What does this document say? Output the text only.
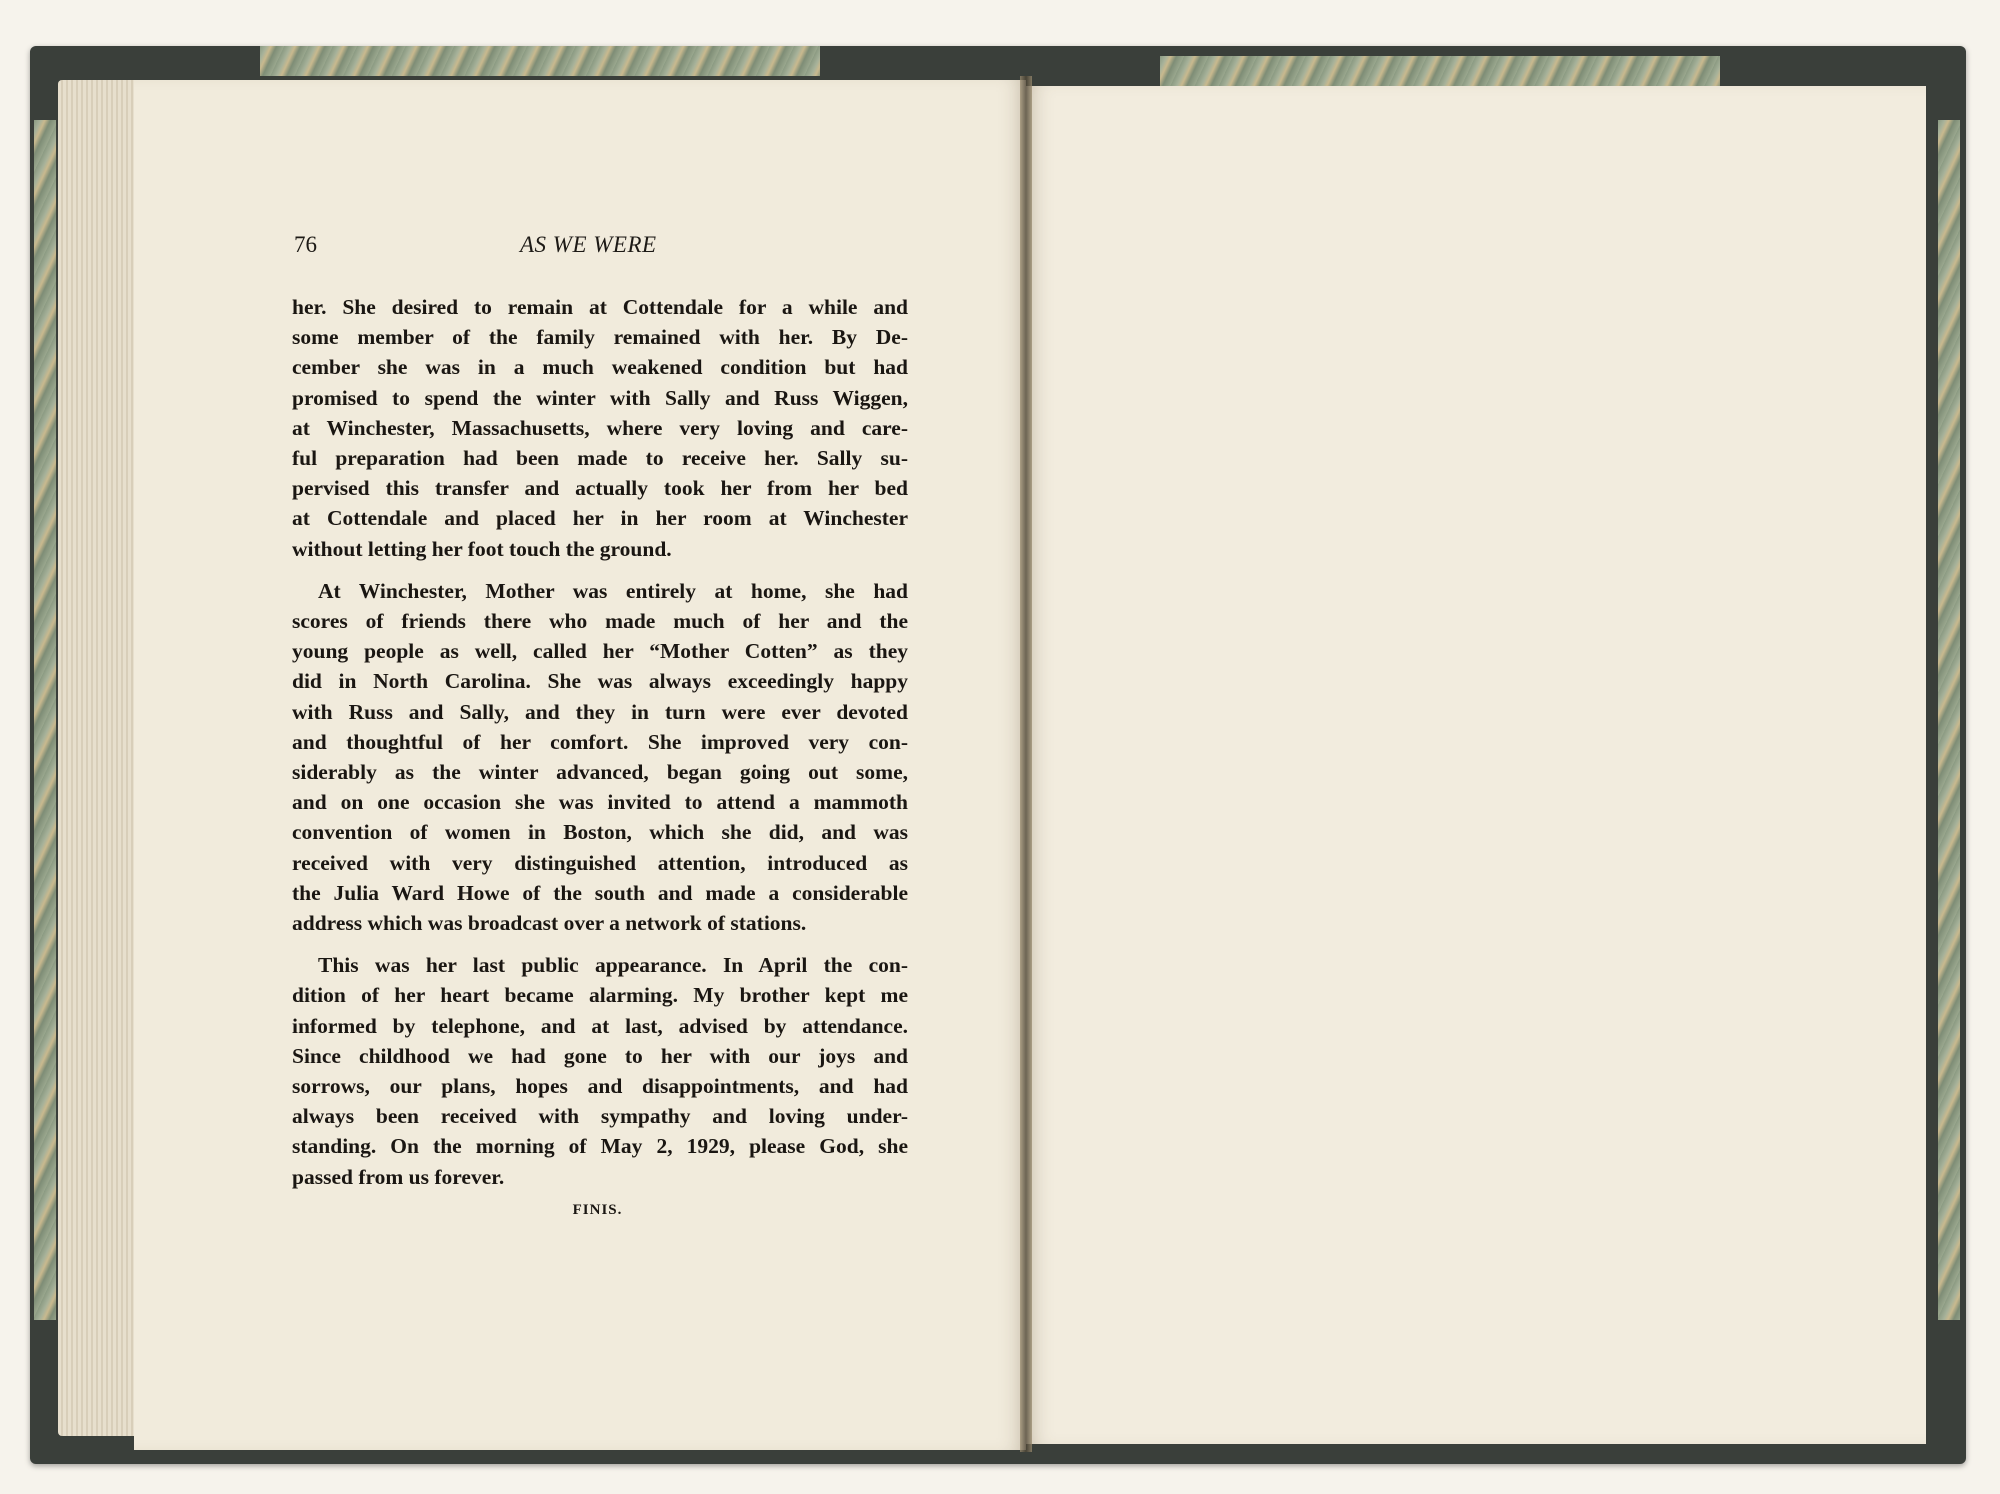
76	AS WE WERE

her. She desired to remain at Cottendale for a while and
some member of the family remained with her. By De-
cember she was in a much weakened condition but had
promised to spend the winter with Sally and Russ Wiggen,
at Winchester, Massachusetts, where very loving and care-
ful preparation had been made to receive her. Sally su-
pervised this transfer and actually took her from her bed
at Cottendale and placed her in her room at Winchester
without letting her foot touch the ground.

At Winchester, Mother was entirely at home, she had
scores of friends there who made much of her and the
young people as well, called her “Mother Cotten” as they
did in North Carolina. She was always exceedingly happy
with Russ and Sally, and they in turn were ever devoted
and thoughtful of her comfort. She improved very con-
siderably as the winter advanced, began going out some,
and on one occasion she was invited to attend a mammoth
convention of women in Boston, which she did, and was
received with very distinguished attention, introduced as
the Julia Ward Howe of the south and made a considerable
address which was broadcast over a network of stations.

This was her last public appearance. In April the con-
dition of her heart became alarming. My brother kept me
informed by telephone, and at last, advised by attendance.
Since childhood we had gone to her with our joys and
sorrows, our plans, hopes and disappointments, and had
always been received with sympathy and loving under-
standing. On the morning of May 2, 1929, please God, she
passed from us forever.

FINIS.
